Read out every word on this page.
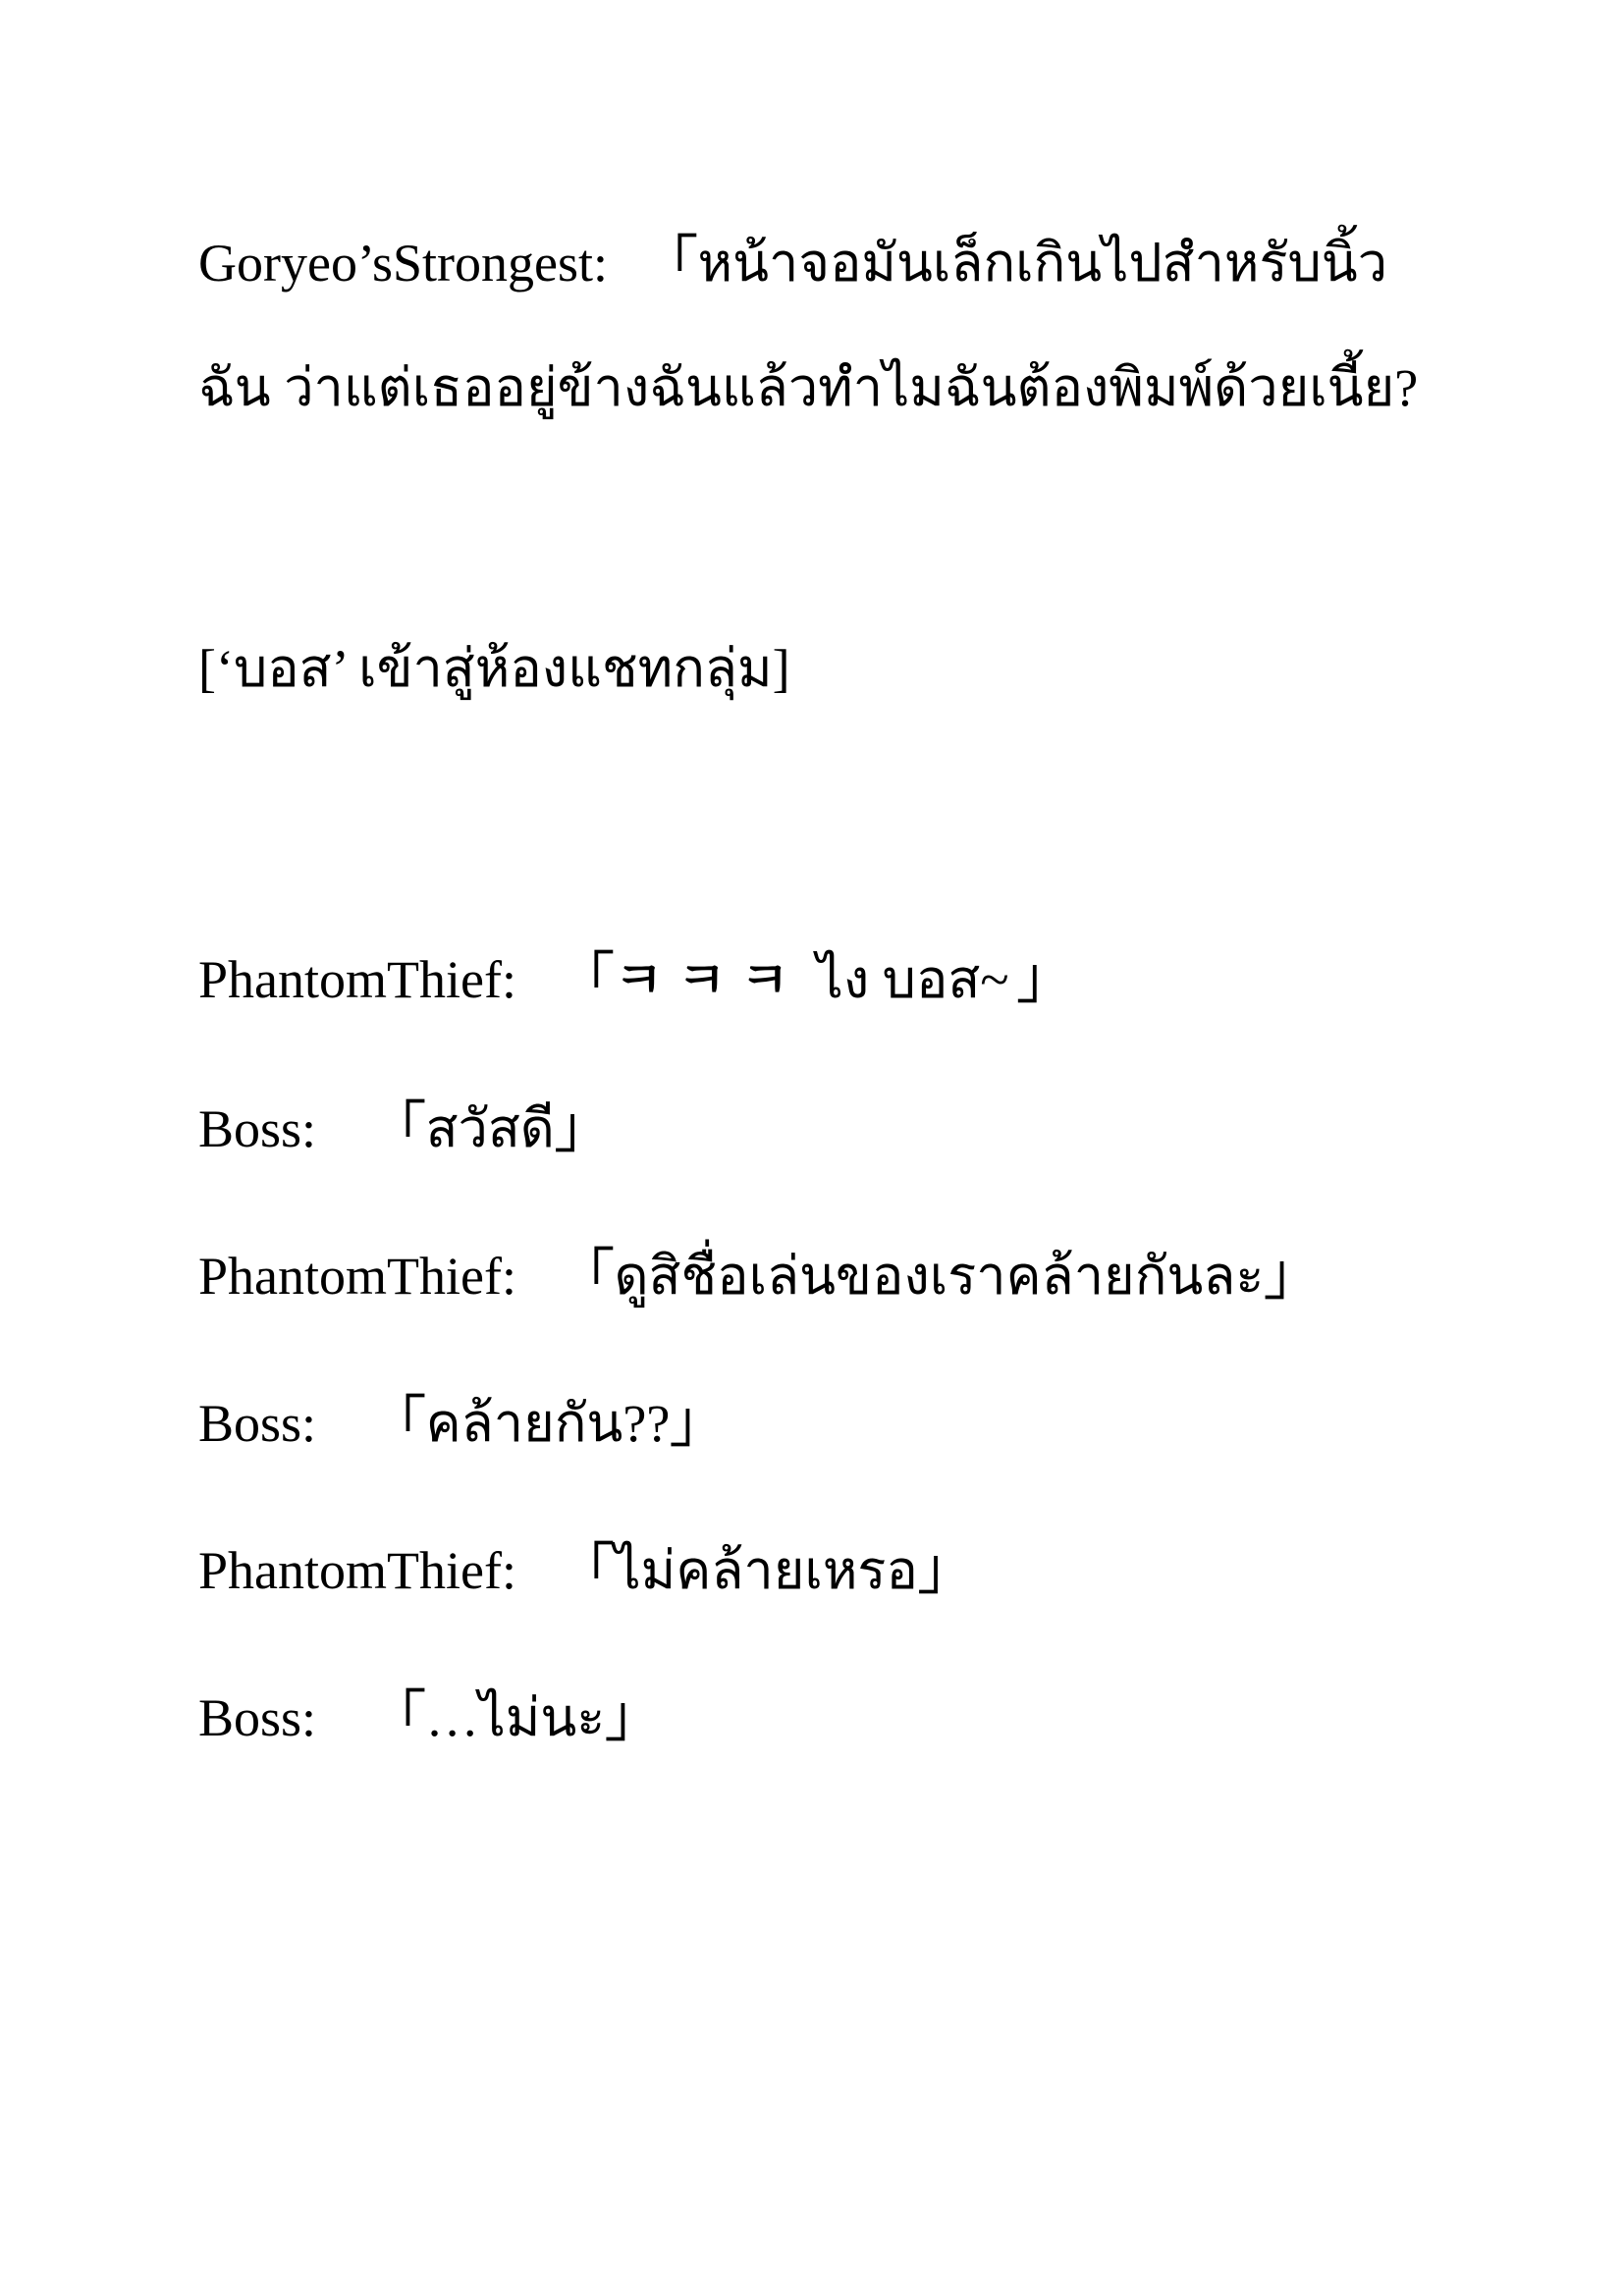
Goryeo’sStrongest: 「หน้าจอมันเล็กเกินไปสำหรับนิ้ว
ฉัน ว่าแต่เธออยู่ข้างฉันแล้วทำไมฉันต้องพิมพ์ด้วยเนี้ย?
[‘บอส’ เข้าสู่ห้องแชทกลุ่ม]
PhantomThief: 「ㅋㅋㅋ ไง บอส~ 」
Boss: 「สวัสดี」
PhantomThief: 「ดูสิชื่อเล่นของเราคล้ายกันละ」
Boss: 「คล้ายกัน??」
PhantomThief: 「ไม่คล้ายเหรอ」
Boss: 「…ไม่นะ」
